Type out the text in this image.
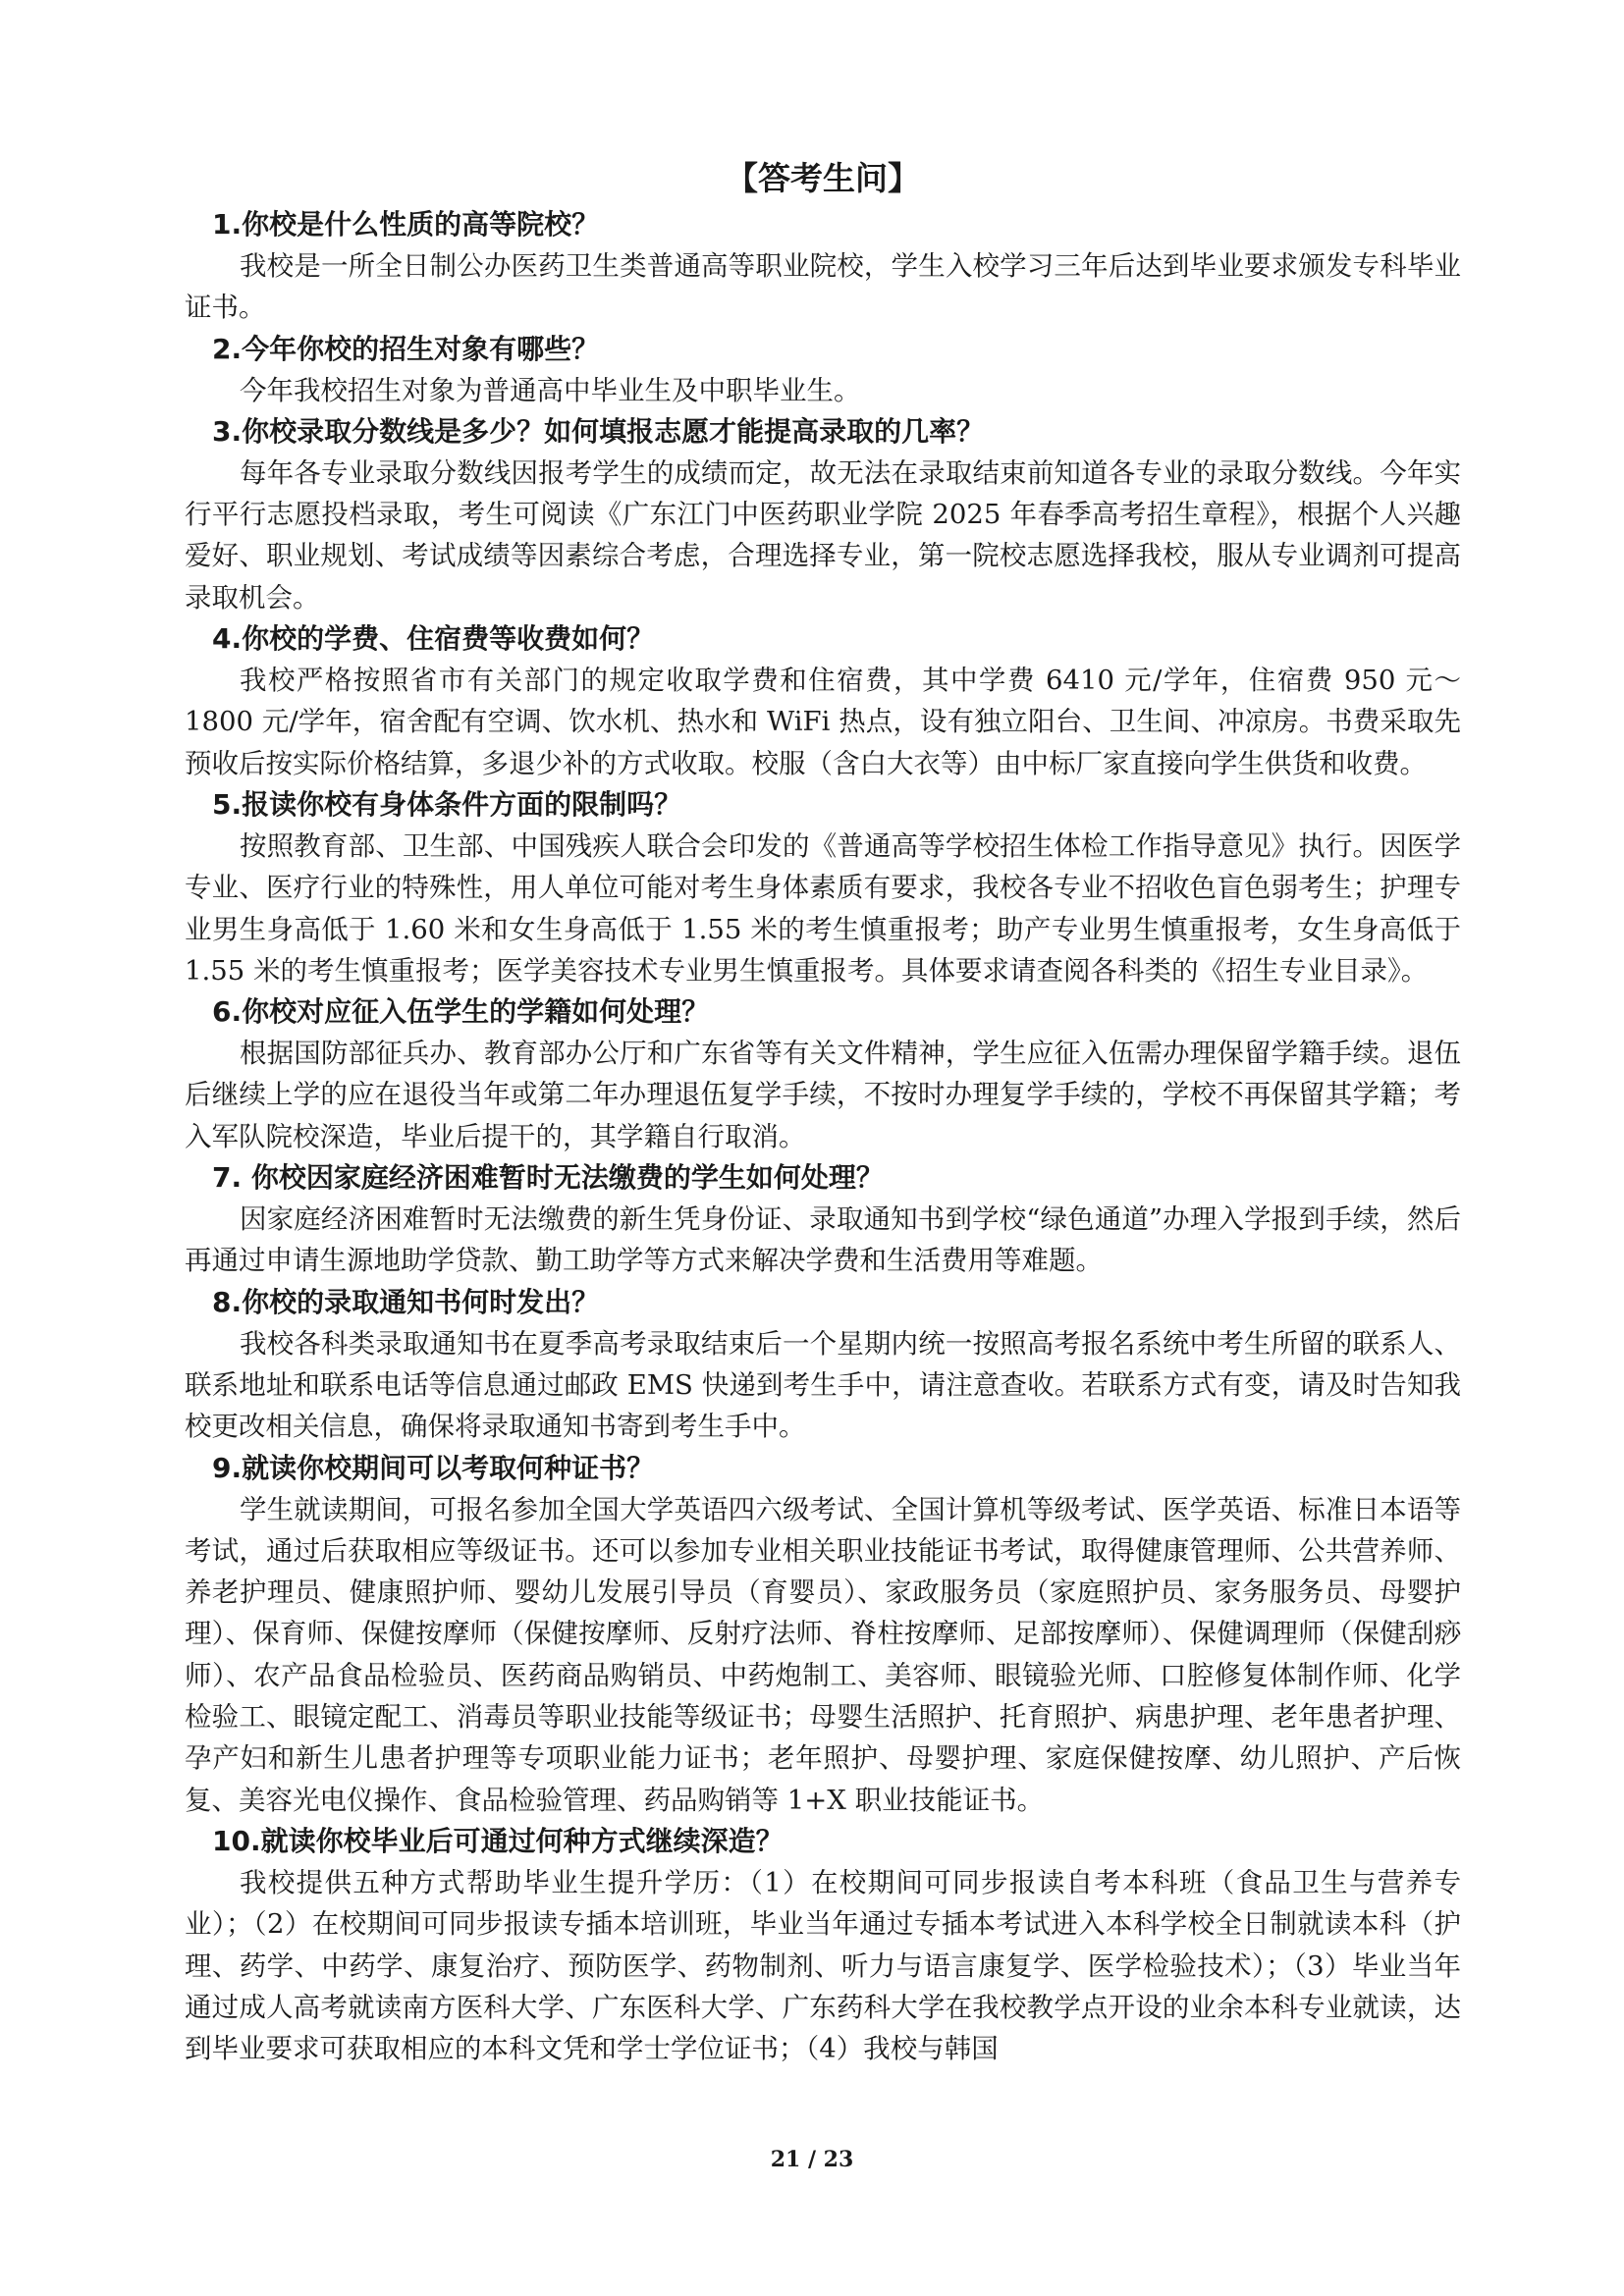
【答考生问】

1.你校是什么性质的高等院校？

我校是一所全日制公办医药卫生类普通高等职业院校，学生入校学习三年后达到毕业要求颁发专科毕业证书。

2.今年你校的招生对象有哪些？

今年我校招生对象为普通高中毕业生及中职毕业生。

3.你校录取分数线是多少？如何填报志愿才能提高录取的几率？

每年各专业录取分数线因报考学生的成绩而定，故无法在录取结束前知道各专业的录取分数线。今年实行平行志愿投档录取，考生可阅读《广东江门中医药职业学院 2025 年春季高考招生章程》，根据个人兴趣爱好、职业规划、考试成绩等因素综合考虑，合理选择专业，第一院校志愿选择我校，服从专业调剂可提高录取机会。

4.你校的学费、住宿费等收费如何？

我校严格按照省市有关部门的规定收取学费和住宿费，其中学费 6410 元/学年，住宿费 950 元～1800 元/学年，宿舍配有空调、饮水机、热水和 WiFi 热点，设有独立阳台、卫生间、冲凉房。书费采取先预收后按实际价格结算，多退少补的方式收取。校服（含白大衣等）由中标厂家直接向学生供货和收费。

5.报读你校有身体条件方面的限制吗？

按照教育部、卫生部、中国残疾人联合会印发的《普通高等学校招生体检工作指导意见》执行。因医学专业、医疗行业的特殊性，用人单位可能对考生身体素质有要求，我校各专业不招收色盲色弱考生；护理专业男生身高低于 1.60 米和女生身高低于 1.55 米的考生慎重报考；助产专业男生慎重报考，女生身高低于 1.55 米的考生慎重报考；医学美容技术专业男生慎重报考。具体要求请查阅各科类的《招生专业目录》。

6.你校对应征入伍学生的学籍如何处理？

根据国防部征兵办、教育部办公厅和广东省等有关文件精神，学生应征入伍需办理保留学籍手续。退伍后继续上学的应在退役当年或第二年办理退伍复学手续，不按时办理复学手续的，学校不再保留其学籍；考入军队院校深造，毕业后提干的，其学籍自行取消。

7. 你校因家庭经济困难暂时无法缴费的学生如何处理？

因家庭经济困难暂时无法缴费的新生凭身份证、录取通知书到学校“绿色通道”办理入学报到手续，然后再通过申请生源地助学贷款、勤工助学等方式来解决学费和生活费用等难题。

8.你校的录取通知书何时发出？

我校各科类录取通知书在夏季高考录取结束后一个星期内统一按照高考报名系统中考生所留的联系人、联系地址和联系电话等信息通过邮政 EMS 快递到考生手中，请注意查收。若联系方式有变，请及时告知我校更改相关信息，确保将录取通知书寄到考生手中。

9.就读你校期间可以考取何种证书？

学生就读期间，可报名参加全国大学英语四六级考试、全国计算机等级考试、医学英语、标准日本语等考试，通过后获取相应等级证书。还可以参加专业相关职业技能证书考试，取得健康管理师、公共营养师、养老护理员、健康照护师、婴幼儿发展引导员（育婴员）、家政服务员（家庭照护员、家务服务员、母婴护理）、保育师、保健按摩师（保健按摩师、反射疗法师、脊柱按摩师、足部按摩师）、保健调理师（保健刮痧师）、农产品食品检验员、医药商品购销员、中药炮制工、美容师、眼镜验光师、口腔修复体制作师、化学检验工、眼镜定配工、消毒员等职业技能等级证书；母婴生活照护、托育照护、病患护理、老年患者护理、孕产妇和新生儿患者护理等专项职业能力证书；老年照护、母婴护理、家庭保健按摩、幼儿照护、产后恢复、美容光电仪操作、食品检验管理、药品购销等 1+X 职业技能证书。

10.就读你校毕业后可通过何种方式继续深造？

我校提供五种方式帮助毕业生提升学历：（1）在校期间可同步报读自考本科班（食品卫生与营养专业）；（2）在校期间可同步报读专插本培训班，毕业当年通过专插本考试进入本科学校全日制就读本科（护理、药学、中药学、康复治疗、预防医学、药物制剂、听力与语言康复学、医学检验技术）；（3）毕业当年通过成人高考就读南方医科大学、广东医科大学、广东药科大学在我校教学点开设的业余本科专业就读，达到毕业要求可获取相应的本科文凭和学士学位证书；（4）我校与韩国

21 / 23
